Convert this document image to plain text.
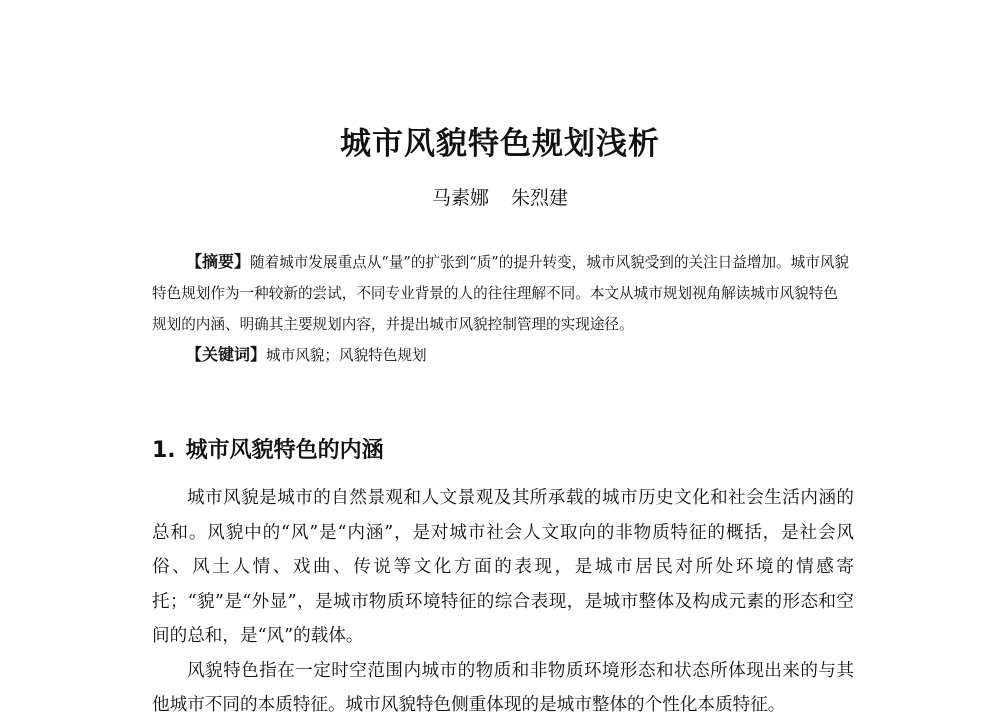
城市风貌特色规划浅析
马素娜 朱烈建
【摘要】随着城市发展重点从“量”的扩张到“质”的提升转变，城市风貌受到的关注日益增加。城市风貌特色规划作为一种较新的尝试，不同专业背景的人的往往理解不同。本文从城市规划视角解读城市风貌特色规划的内涵、明确其主要规划内容，并提出城市风貌控制管理的实现途径。
【关键词】城市风貌；风貌特色规划
1. 城市风貌特色的内涵

城市风貌是城市的自然景观和人文景观及其所承载的城市历史文化和社会生活内涵的总和。风貌中的“风”是“内涵”，是对城市社会人文取向的非物质特征的概括，是社会风俗、风土人情、戏曲、传说等文化方面的表现，是城市居民对所处环境的情感寄托；“貌”是“外显”，是城市物质环境特征的综合表现，是城市整体及构成元素的形态和空间的总和，是“风”的载体。

风貌特色指在一定时空范围内城市的物质和非物质环境形态和状态所体现出来的与其他城市不同的本质特征。城市风貌特色侧重体现的是城市整体的个性化本质特征。
